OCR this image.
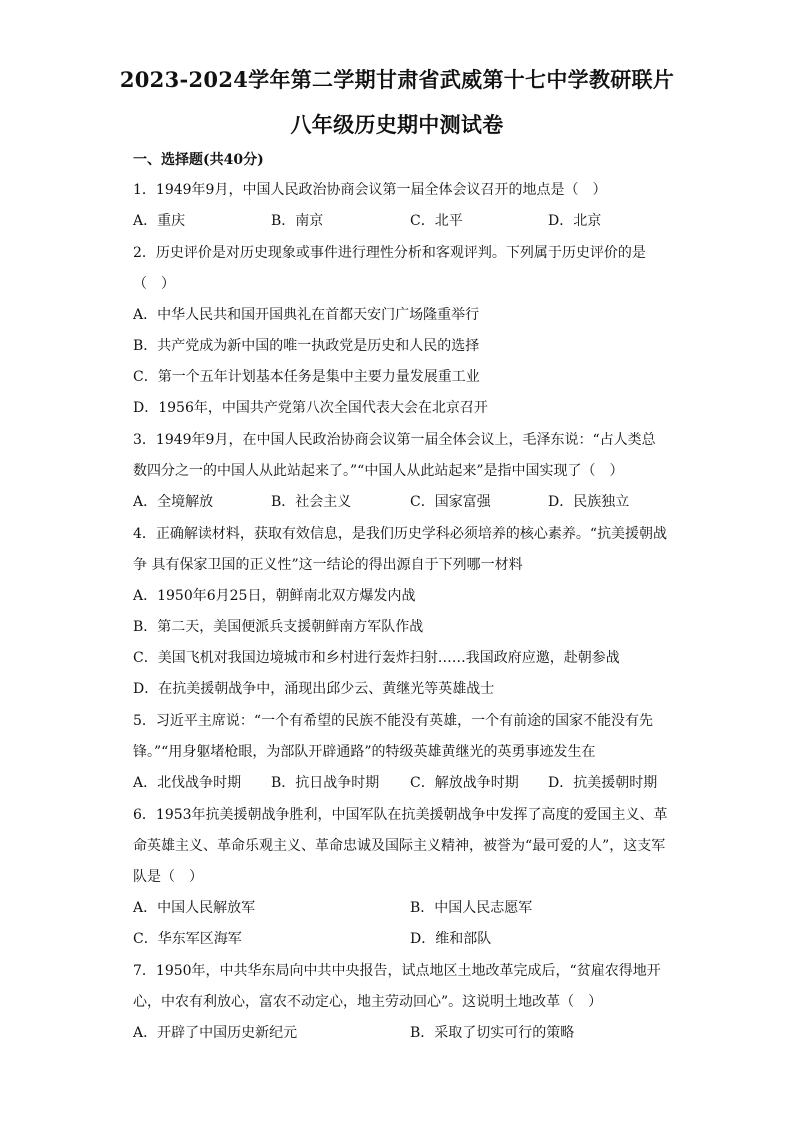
2023-2024学年第二学期甘肃省武威第十七中学教研联片
八年级历史期中测试卷
一、选择题(共40分)
1．1949年9月，中国人民政治协商会议第一届全体会议召开的地点是（　）
A．重庆	B．南京	C．北平	D．北京
2．历史评价是对历史现象或事件进行理性分析和客观评判。下列属于历史评价的是
（　）
A．中华人民共和国开国典礼在首都天安门广场隆重举行
B．共产党成为新中国的唯一执政党是历史和人民的选择
C．第一个五年计划基本任务是集中主要力量发展重工业
D．1956年，中国共产党第八次全国代表大会在北京召开
3．1949年9月，在中国人民政治协商会议第一届全体会议上，毛泽东说：“占人类总
数四分之一的中国人从此站起来了。”“中国人从此站起来”是指中国实现了（　）
A．全境解放	B．社会主义	C．国家富强	D．民族独立
4．正确解读材料，获取有效信息，是我们历史学科必须培养的核心素养。“抗美援朝战
争 具有保家卫国的正义性”这一结论的得出源自于下列哪一材料
A．1950年6月25日，朝鲜南北双方爆发内战
B．第二天，美国便派兵支援朝鲜南方军队作战
C．美国飞机对我国边境城市和乡村进行轰炸扫射……我国政府应邀，赴朝参战
D．在抗美援朝战争中，涌现出邱少云、黄继光等英雄战士
5．习近平主席说：“一个有希望的民族不能没有英雄，一个有前途的国家不能没有先
锋。”“用身躯堵枪眼，为部队开辟通路”的特级英雄黄继光的英勇事迹发生在
A．北伐战争时期 B．抗日战争时期 C．解放战争时期 D．抗美援朝时期
6．1953年抗美援朝战争胜利，中国军队在抗美援朝战争中发挥了高度的爱国主义、革
命英雄主义、革命乐观主义、革命忠诚及国际主义精神，被誉为“最可爱的人”，这支军
队是（　）
A．中国人民解放军	B．中国人民志愿军
C．华东军区海军	D．维和部队
7．1950年，中共华东局向中共中央报告，试点地区土地改革完成后，“贫雇农得地开
心，中农有利放心，富农不动定心，地主劳动回心”。这说明土地改革（　）
A．开辟了中国历史新纪元	B．采取了切实可行的策略
